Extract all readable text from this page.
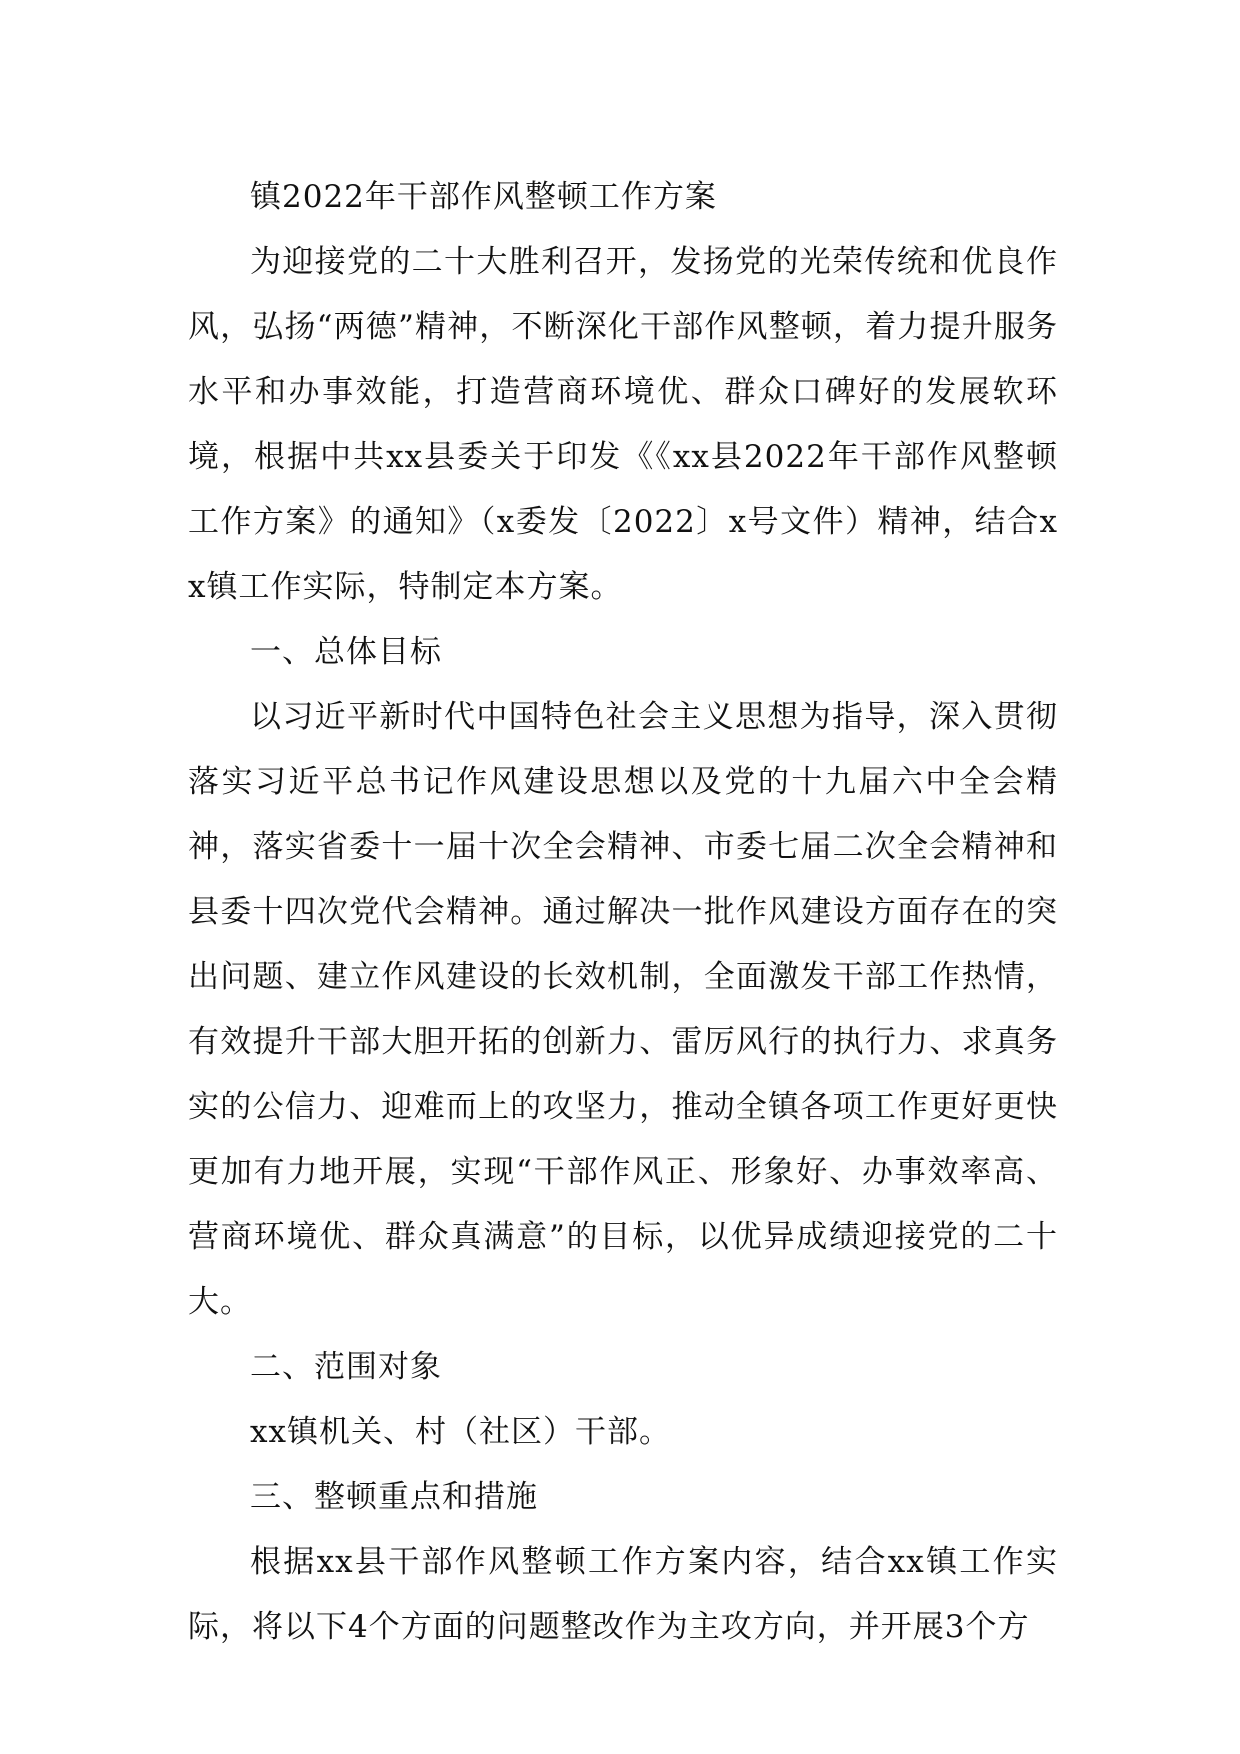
镇2022年干部作风整顿工作方案

为迎接党的二十大胜利召开，发扬党的光荣传统和优良作风，弘扬“两德”精神，不断深化干部作风整顿，着力提升服务水平和办事效能，打造营商环境优、群众口碑好的发展软环境，根据中共xx县委关于印发《《xx县2022年干部作风整顿工作方案》的通知》（x委发〔2022〕x号文件）精神，结合xx镇工作实际，特制定本方案。

一、总体目标

以习近平新时代中国特色社会主义思想为指导，深入贯彻落实习近平总书记作风建设思想以及党的十九届六中全会精神，落实省委十一届十次全会精神、市委七届二次全会精神和县委十四次党代会精神。通过解决一批作风建设方面存在的突出问题、建立作风建设的长效机制，全面激发干部工作热情，有效提升干部大胆开拓的创新力、雷厉风行的执行力、求真务实的公信力、迎难而上的攻坚力，推动全镇各项工作更好更快更加有力地开展，实现“干部作风正、形象好、办事效率高、营商环境优、群众真满意”的目标，以优异成绩迎接党的二十大。

二、范围对象

xx镇机关、村（社区）干部。

三、整顿重点和措施

根据xx县干部作风整顿工作方案内容，结合xx镇工作实际，将以下4个方面的问题整改作为主攻方向，并开展3个方
